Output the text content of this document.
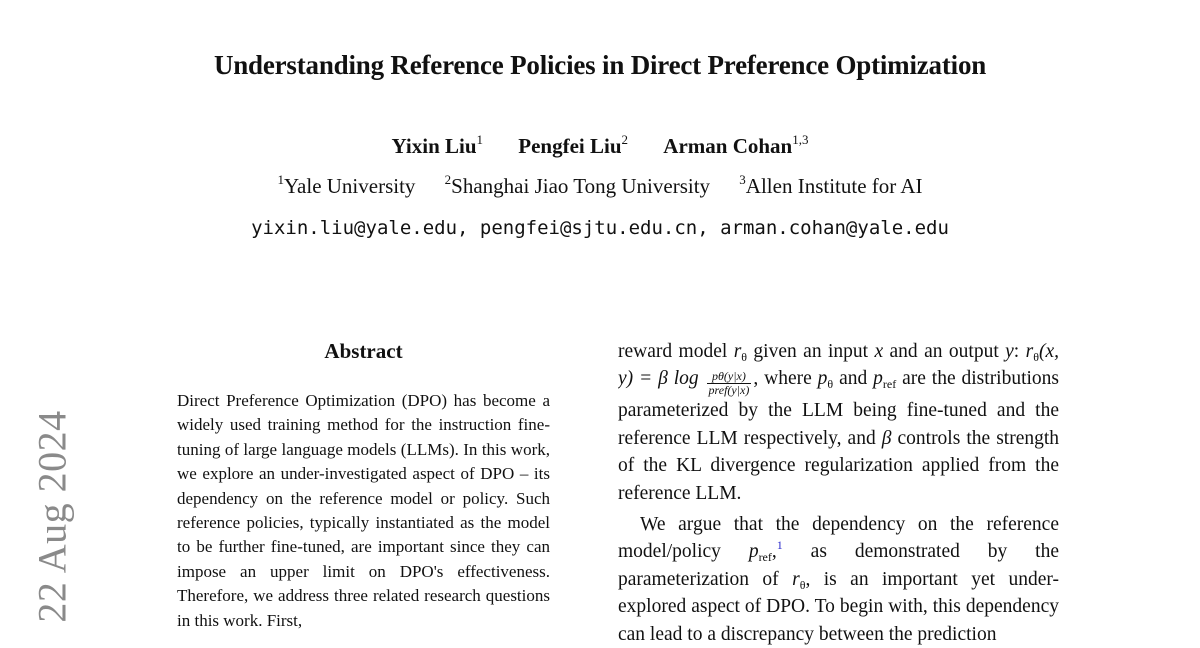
Understanding Reference Policies in Direct Preference Optimization
Yixin Liu$^1$ Pengfei Liu$^2$ Arman Cohan$^{1,3}$
$^1$Yale University $^2$Shanghai Jiao Tong University $^3$Allen Institute for AI
yixin.liu@yale.edu, pengfei@sjtu.edu.cn, arman.cohan@yale.edu
22 Aug 2024
Abstract
Direct Preference Optimization (DPO) has become a widely used training method for the instruction fine-tuning of large language models (LLMs). In this work, we explore an under-investigated aspect of DPO – its dependency on the reference model or policy. Such reference policies, typically instantiated as the model to be further fine-tuned, are important since they can impose an upper limit on DPO's effectiveness. Therefore, we address three related research questions in this work. First,

reward model $r_\theta$ given an input x and an output y: $r_\theta(x$, y) = β $\log \frac{p\theta(y|x)}{\text{pref(y|x)}}$ , where $p_\theta$ and $p_{ref}$ are the distributions parameterized by the LLM being fine-tuned and the reference LLM respectively, and β controls the strength of the KL divergence regularization applied from the reference LLM.

We argue that the dependency on the reference model/policy $p_{ref},^1$ as demonstrated by the parameterization of $r_\theta$, is an important yet under-explored aspect of DPO. To begin with, this dependency can lead to a discrepancy between the prediction
